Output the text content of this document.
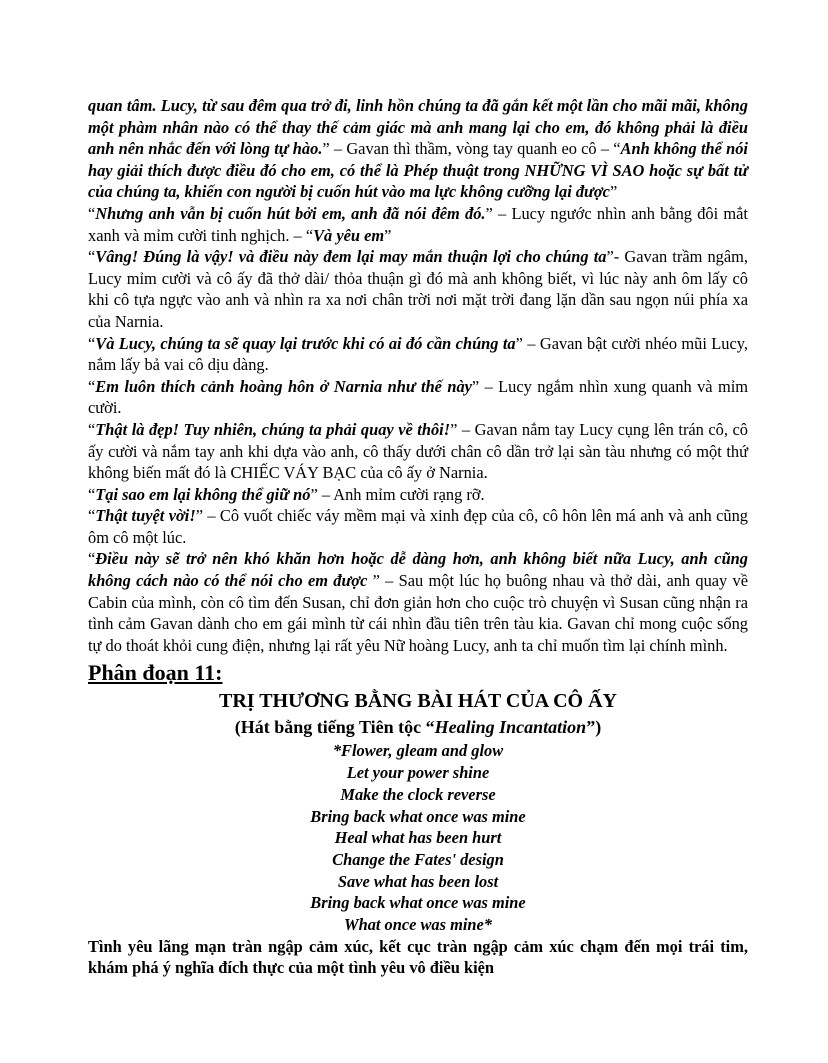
quan tâm. Lucy, từ sau đêm qua trở đi, linh hồn chúng ta đã gắn kết một lần cho mãi mãi, không một phàm nhân nào có thể thay thế cảm giác mà anh mang lại cho em, đó không phải là điều anh nên nhắc đến với lòng tự hào.” – Gavan thì thầm, vòng tay quanh eo cô – “Anh không thể nói hay giải thích được điều đó cho em, có thể là Phép thuật trong NHỮNG VÌ SAO hoặc sự bất tử của chúng ta, khiến con người bị cuốn hút vào ma lực không cưỡng lại được”

“Nhưng anh vẫn bị cuốn hút bởi em, anh đã nói đêm đó.” – Lucy ngước nhìn anh bằng đôi mắt xanh và mỉm cười tinh nghịch. – “Và yêu em”

“Vâng! Đúng là vậy! và điều này đem lại may mắn thuận lợi cho chúng ta”- Gavan trầm ngâm, Lucy mỉm cười và cô ấy đã thở dài/ thỏa thuận gì đó mà anh không biết, vì lúc này anh ôm lấy cô khi cô tựa ngực vào anh và nhìn ra xa nơi chân trời nơi mặt trời đang lặn dần sau ngọn núi phía xa của Narnia.

“Và Lucy, chúng ta sẽ quay lại trước khi có ai đó cần chúng ta” – Gavan bật cười nhéo mũi Lucy, nắm lấy bả vai cô dịu dàng.

“Em luôn thích cảnh hoàng hôn ở Narnia như thế này” – Lucy ngắm nhìn xung quanh và mỉm cười.

“Thật là đẹp! Tuy nhiên, chúng ta phải quay về thôi!” – Gavan nắm tay Lucy cụng lên trán cô, cô ấy cười và nắm tay anh khi dựa vào anh, cô thấy dưới chân cô dần trở lại sàn tàu nhưng có một thứ không biến mất đó là CHIẾC VÁY BẠC của cô ấy ở Narnia.

“Tại sao em lại không thể giữ nó” – Anh mỉm cười rạng rỡ.

“Thật tuyệt vời!” – Cô vuốt chiếc váy mềm mại và xinh đẹp của cô, cô hôn lên má anh và anh cũng ôm cô một lúc.

“Điều này sẽ trở nên khó khăn hơn hoặc dễ dàng hơn, anh không biết nữa Lucy, anh cũng không cách nào có thể nói cho em được ” – Sau một lúc họ buông nhau và thở dài, anh quay về Cabin của mình, còn cô tìm đến Susan, chỉ đơn giản hơn cho cuộc trò chuyện vì Susan cũng nhận ra tình cảm Gavan dành cho em gái mình từ cái nhìn đầu tiên trên tàu kia. Gavan chỉ mong cuộc sống tự do thoát khỏi cung điện, nhưng lại rất yêu Nữ hoàng Lucy, anh ta chỉ muốn tìm lại chính mình.

Phân đoạn 11:
TRỊ THƯƠNG BẰNG BÀI HÁT CỦA CÔ ẤY
(Hát bằng tiếng Tiên tộc “Healing Incantation”)
*Flower, gleam and glow
Let your power shine
Make the clock reverse
Bring back what once was mine
Heal what has been hurt
Change the Fates' design
Save what has been lost
Bring back what once was mine
What once was mine*

Tình yêu lãng mạn tràn ngập cảm xúc, kết cục tràn ngập cảm xúc chạm đến mọi trái tim, khám phá ý nghĩa đích thực của một tình yêu vô điều kiện
